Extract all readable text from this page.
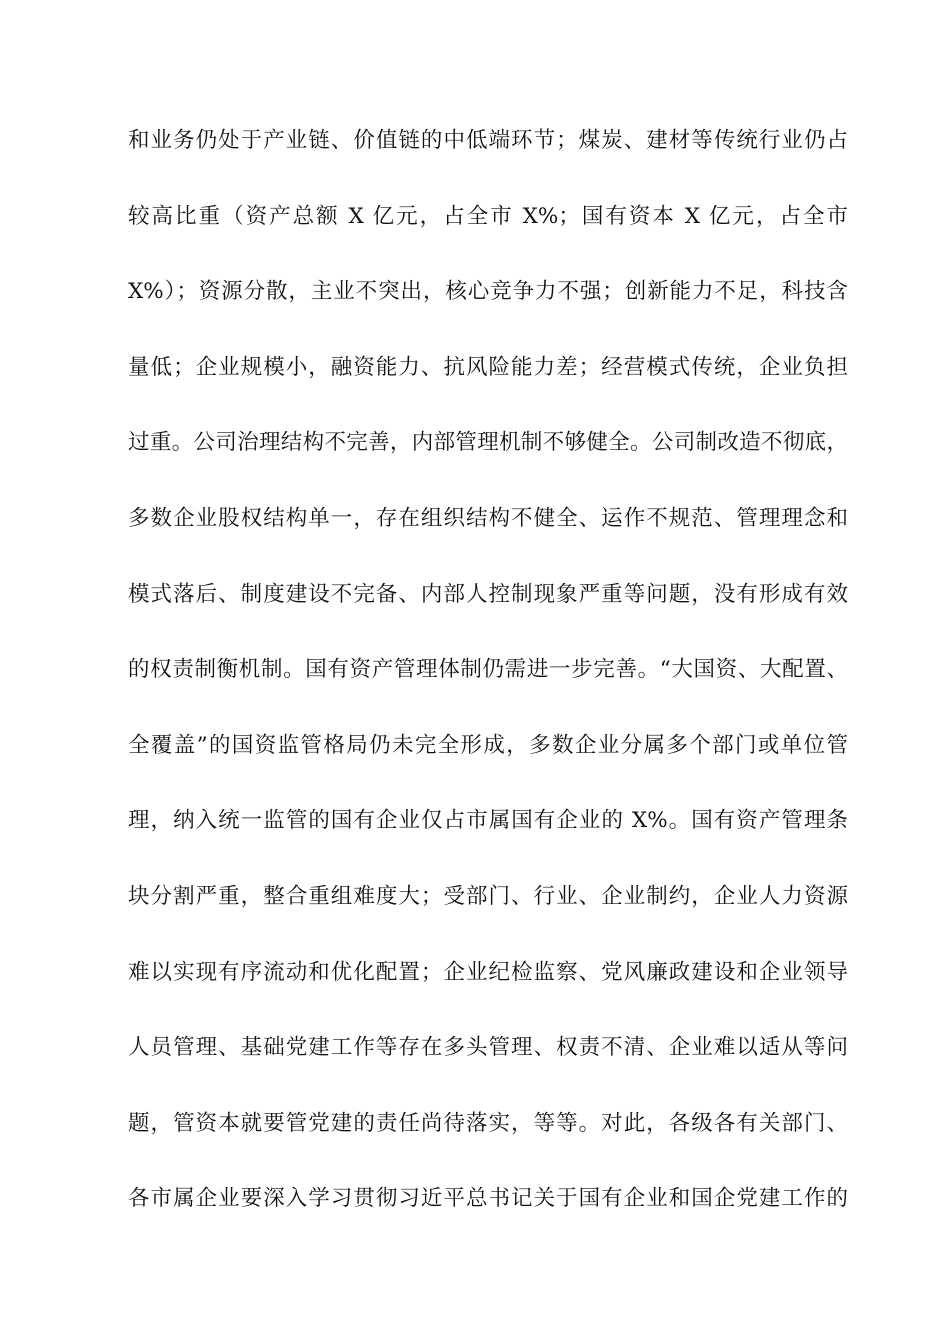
和业务仍处于产业链、价值链的中低端环节；煤炭、建材等传统行业仍占
较高比重（资产总额 X 亿元，占全市 X%；国有资本 X 亿元，占全市
X%）；资源分散，主业不突出，核心竞争力不强；创新能力不足，科技含
量低；企业规模小，融资能力、抗风险能力差；经营模式传统，企业负担
过重。公司治理结构不完善，内部管理机制不够健全。公司制改造不彻底，
多数企业股权结构单一，存在组织结构不健全、运作不规范、管理理念和
模式落后、制度建设不完备、内部人控制现象严重等问题，没有形成有效
的权责制衡机制。国有资产管理体制仍需进一步完善。“大国资、大配置、
全覆盖”的国资监管格局仍未完全形成，多数企业分属多个部门或单位管
理，纳入统一监管的国有企业仅占市属国有企业的 X%。国有资产管理条
块分割严重，整合重组难度大；受部门、行业、企业制约，企业人力资源
难以实现有序流动和优化配置；企业纪检监察、党风廉政建设和企业领导
人员管理、基础党建工作等存在多头管理、权责不清、企业难以适从等问
题，管资本就要管党建的责任尚待落实，等等。对此，各级各有关部门、
各市属企业要深入学习贯彻习近平总书记关于国有企业和国企党建工作的
